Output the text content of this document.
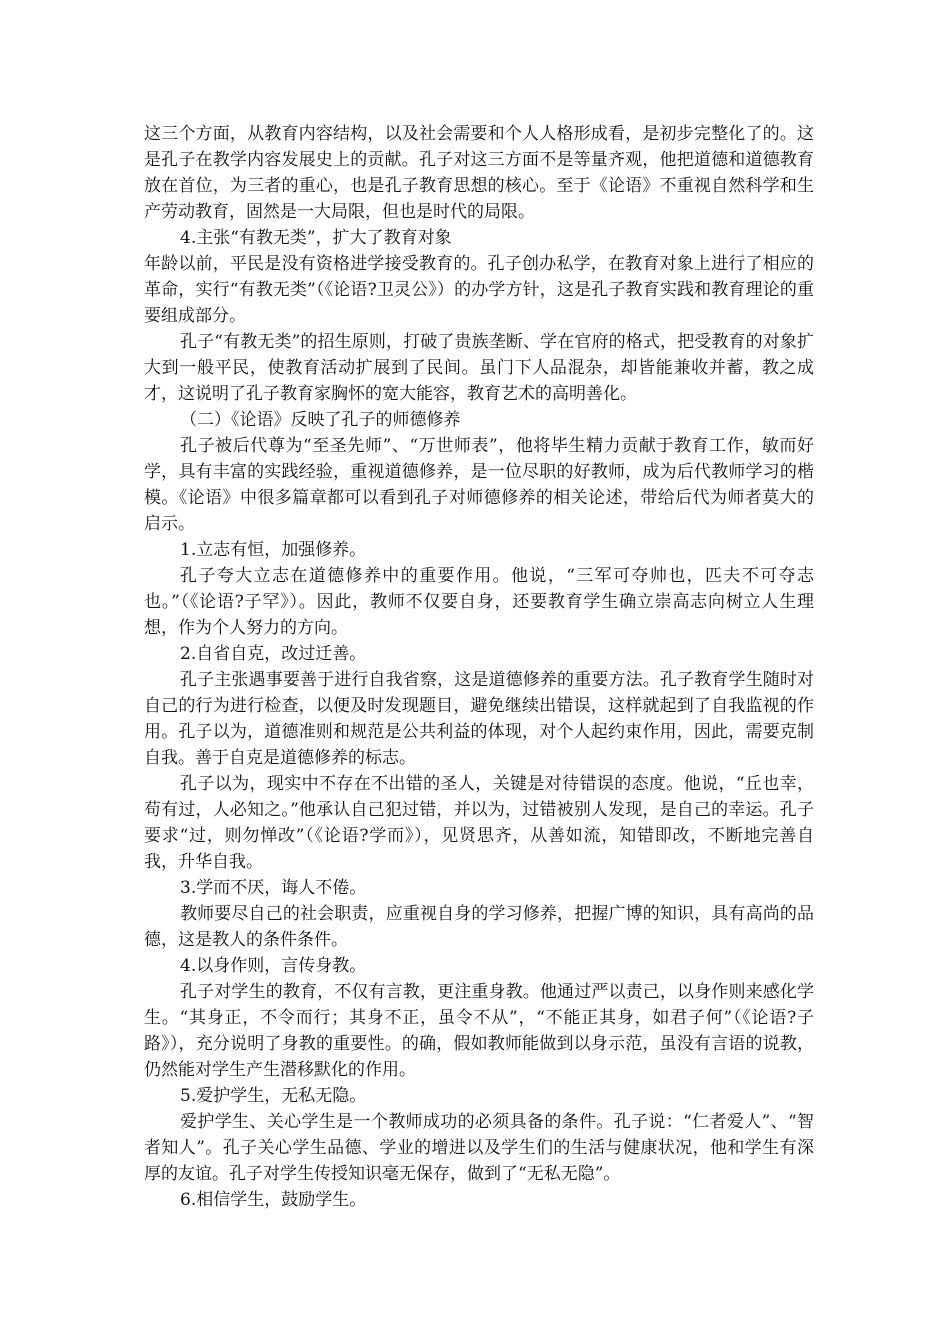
这三个方面，从教育内容结构，以及社会需要和个人人格形成看，是初步完整化了的。这是孔子在教学内容发展史上的贡献。孔子对这三方面不是等量齐观，他把道德和道德教育放在首位，为三者的重心，也是孔子教育思想的核心。至于《论语》不重视自然科学和生产劳动教育，固然是一大局限，但也是时代的局限。

4.主张“有教无类”，扩大了教育对象

年龄以前，平民是没有资格进学接受教育的。孔子创办私学，在教育对象上进行了相应的革命，实行“有教无类”（《论语?卫灵公》）的办学方针，这是孔子教育实践和教育理论的重要组成部分。

孔子“有教无类”的招生原则，打破了贵族垄断、学在官府的格式，把受教育的对象扩大到一般平民，使教育活动扩展到了民间。虽门下人品混杂，却皆能兼收并蓄，教之成才，这说明了孔子教育家胸怀的宽大能容，教育艺术的高明善化。

（二）《论语》反映了孔子的师德修养

孔子被后代尊为“至圣先师”、“万世师表”，他将毕生精力贡献于教育工作，敏而好学，具有丰富的实践经验，重视道德修养，是一位尽职的好教师，成为后代教师学习的楷模。《论语》中很多篇章都可以看到孔子对师德修养的相关论述，带给后代为师者莫大的启示。

1.立志有恒，加强修养。

孔子夸大立志在道德修养中的重要作用。他说，“三军可夺帅也，匹夫不可夺志也。”（《论语?子罕》）。因此，教师不仅要自身，还要教育学生确立崇高志向树立人生理想，作为个人努力的方向。

2.自省自克，改过迁善。

孔子主张遇事要善于进行自我省察，这是道德修养的重要方法。孔子教育学生随时对自己的行为进行检查，以便及时发现题目，避免继续出错误，这样就起到了自我监视的作用。孔子以为，道德准则和规范是公共利益的体现，对个人起约束作用，因此，需要克制自我。善于自克是道德修养的标志。

孔子以为，现实中不存在不出错的圣人，关键是对待错误的态度。他说，“丘也幸，苟有过，人必知之。”他承认自己犯过错，并以为，过错被别人发现，是自己的幸运。孔子要求“过，则勿惮改”（《论语?学而》），见贤思齐，从善如流，知错即改，不断地完善自我，升华自我。

3.学而不厌，诲人不倦。

教师要尽自己的社会职责，应重视自身的学习修养，把握广博的知识，具有高尚的品德，这是教人的条件条件。

4.以身作则，言传身教。

孔子对学生的教育，不仅有言教，更注重身教。他通过严以责己，以身作则来感化学生。“其身正，不令而行；其身不正，虽令不从”，“不能正其身，如君子何”（《论语?子路》），充分说明了身教的重要性。的确，假如教师能做到以身示范，虽没有言语的说教，仍然能对学生产生潜移默化的作用。

5.爱护学生，无私无隐。

爱护学生、关心学生是一个教师成功的必须具备的条件。孔子说：“仁者爱人”、“智者知人”。孔子关心学生品德、学业的增进以及学生们的生活与健康状况，他和学生有深厚的友谊。孔子对学生传授知识毫无保存，做到了“无私无隐”。

6.相信学生，鼓励学生。
